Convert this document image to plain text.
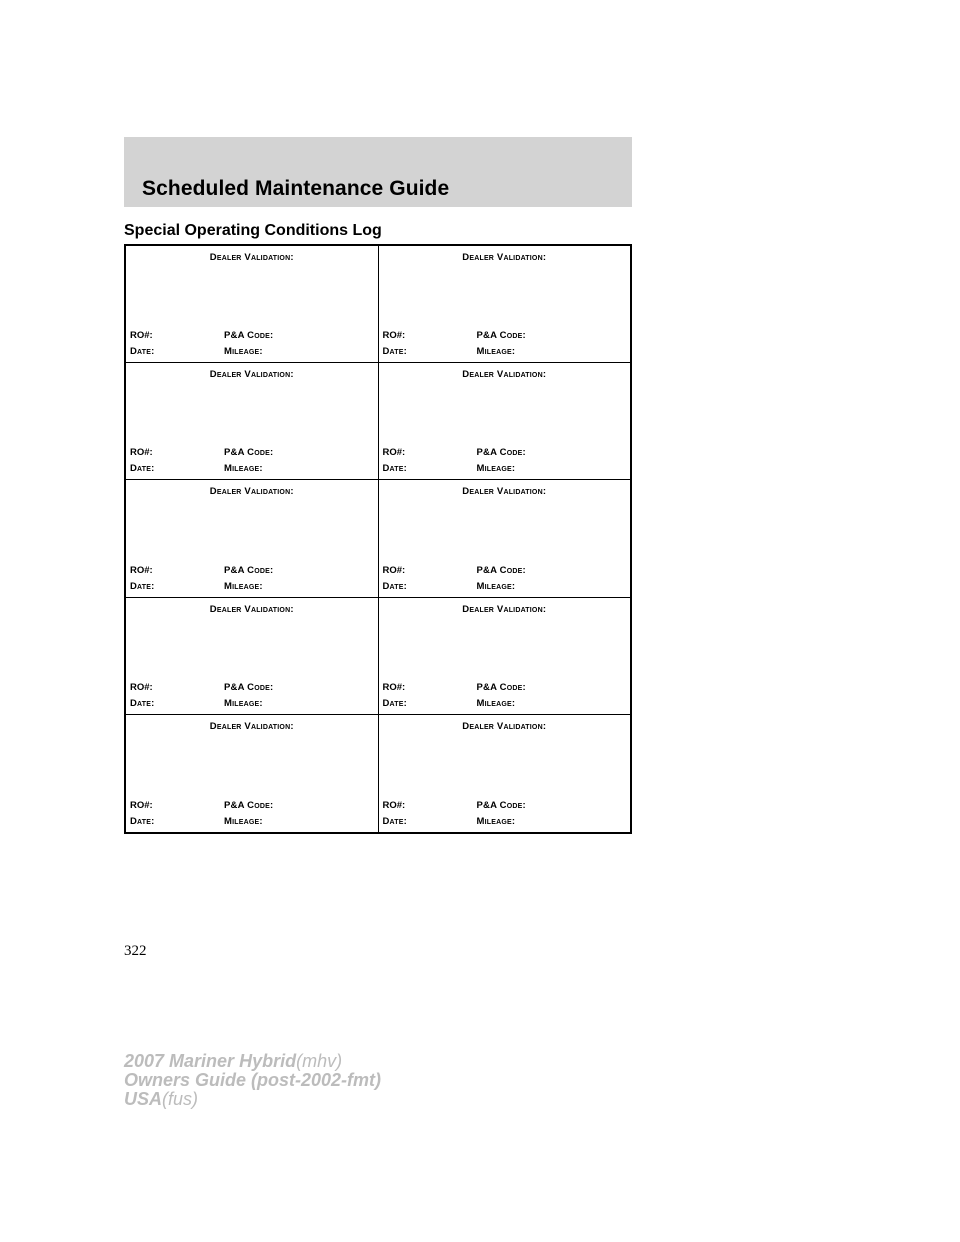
Scheduled Maintenance Guide
Special Operating Conditions Log
Dealer Validation:
RO#:	P&A Code:
Date:	Mileage:
Dealer Validation:
RO#:	P&A Code:
Date:	Mileage:
Dealer Validation:
RO#:	P&A Code:
Date:	Mileage:
Dealer Validation:
RO#:	P&A Code:
Date:	Mileage:
Dealer Validation:
RO#:	P&A Code:
Date:	Mileage:
Dealer Validation:
RO#:	P&A Code:
Date:	Mileage:
Dealer Validation:
RO#:	P&A Code:
Date:	Mileage:
Dealer Validation:
RO#:	P&A Code:
Date:	Mileage:
Dealer Validation:
RO#:	P&A Code:
Date:	Mileage:
Dealer Validation:
RO#:	P&A Code:
Date:	Mileage:
322
2007 Mariner Hybrid(mhv)
Owners Guide (post-2002-fmt)
USA(fus)
